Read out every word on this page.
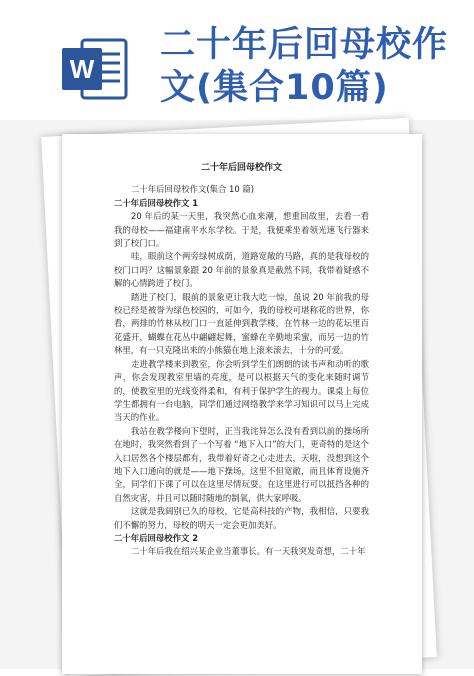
W
二十年后回母校作
文(集合10篇)
二十年后回母校作文

二十年后回母校作文(集合 10 篇)

二十年后回母校作文 1

20 年后的某一天里，我突然心血来潮，想重回故里，去看一看我的母校——福建南平水东学校。于是，我便乘坐着领光速飞行器来到了校门口。

哇，眼前这个两旁绿树成荫，道路宽敞的马路，真的是我母校的校门口吗？这幅景象跟 20 年前的景象真是截然不同，我带着疑惑不解的心情跨进了校门。

踏进了校门，眼前的景象更让我大吃一惊，虽说 20 年前我的母校已经是被誉为绿色校园的，可如今，我的母校可堪称花的世界，你看，两排的竹林从校门口一直延伸到教学楼，在竹林一边的花坛里百花盛开，蝴蝶在花丛中翩翩起舞，蜜蜂在辛勤地采蜜，而另一边的竹林里，有一只克隆出来的小熊猫在地上滚来滚去，十分的可爱。

走进教学楼来到教室，你会听到学生们朗朗的读书声和动听的歌声，你会发现教室里墙的亮度，是可以根据天气的变化来随时调节的，使教室里的光线变得柔和，有利于保护学生的视力。课桌上每位学生都拥有一台电脑，同学们通过网络教学来学习知识可以马上完成当天的作业。

我站在教学楼向下望时，正当我诧异怎么没有看到以前的操场所在地时，我突然看到了一个写着 “地下入口”的大门，更奇特的是这个入口居然各个楼层都有，我带着好奇之心走进去，天啦，没想到这个地下入口通向的就是——地下操场，这里不但宽敞，而且体育设施齐全，同学们下课了可以在这里尽情玩耍。在这里进行可以抵挡各种的自然灾害，并且可以随时随地的制氧，供大家呼吸。

这就是我阔别已久的母校，它是高科技的产物，我相信，只要我们不懈的努力，母校的明天一定会更加美好。

二十年后回母校作文 2

二十年后我在绍兴某企业当董事长。有一天我突发奇想，二十年
